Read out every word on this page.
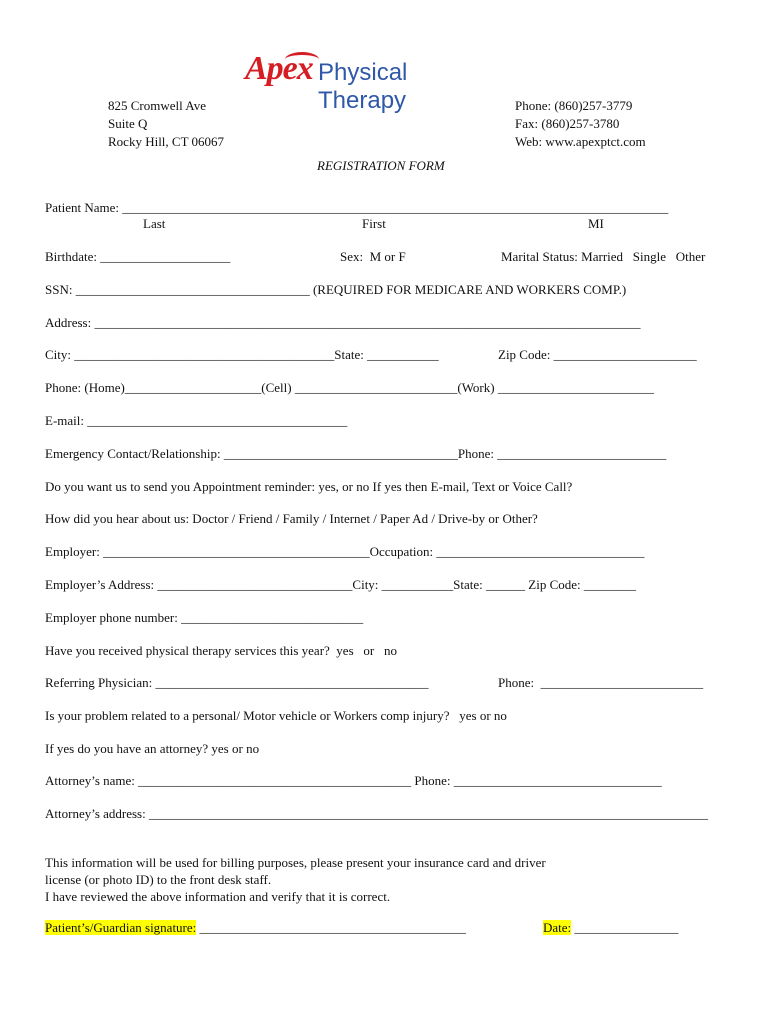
Apex Physical Therapy
825 Cromwell Ave
Suite Q
Rocky Hill, CT 06067
Phone: (860)257-3779
Fax: (860)257-3780
Web: www.apexptct.com
REGISTRATION FORM
Patient Name: ____________________________________________________________________________________
Last	First	MI
Birthdate: ____________________	Sex:  M or F	Marital Status: Married   Single   Other
SSN: ____________________________________ (REQUIRED FOR MEDICARE AND WORKERS COMP.)
Address: ____________________________________________________________________________________
City: ________________________________________State: ___________	Zip Code: ______________________
Phone: (Home)_____________________(Cell) _________________________(Work) ________________________
E-mail: ________________________________________
Emergency Contact/Relationship: ____________________________________Phone: __________________________
Do you want us to send you Appointment reminder: yes, or no If yes then E-mail, Text or Voice Call?
How did you hear about us: Doctor / Friend / Family / Internet / Paper Ad / Drive-by or Other?
Employer: _________________________________________Occupation: ________________________________
Employer’s Address: ______________________________City: ___________State: ______ Zip Code: ________
Employer phone number: ____________________________
Have you received physical therapy services this year?  yes   or   no
Referring Physician: __________________________________________	Phone:  _________________________
Is your problem related to a personal/ Motor vehicle or Workers comp injury?   yes or no
If yes do you have an attorney? yes or no
Attorney’s name: __________________________________________ Phone: ________________________________
Attorney’s address: ______________________________________________________________________________________
This information will be used for billing purposes, please present your insurance card and driver
license (or photo ID) to the front desk staff.
I have reviewed the above information and verify that it is correct.
Patient’s/Guardian signature: _________________________________________	Date: ________________
